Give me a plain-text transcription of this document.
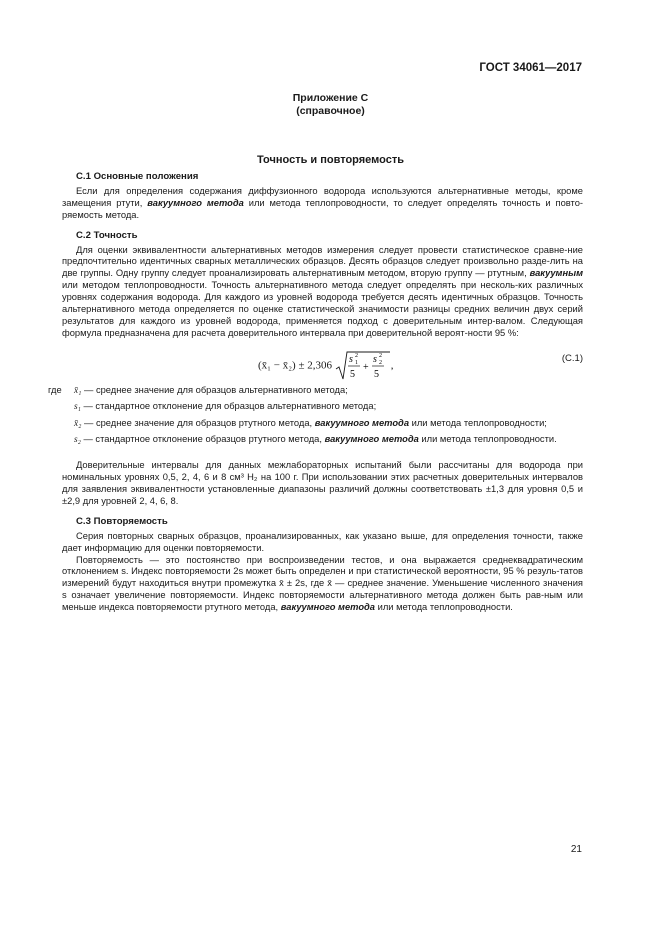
ГОСТ 34061—2017
Приложение С
(справочное)
Точность и повторяемость
С.1 Основные положения

Если для определения содержания диффузионного водорода используются альтернативные методы, кроме замещения ртути, вакуумного метода или метода теплопроводности, то следует определять точность и повто-ряемость метода.

С.2 Точность

Для оценки эквивалентности альтернативных методов измерения следует провести статистическое сравне-ние предпочтительно идентичных сварных металлических образцов. Десять образцов следует произвольно разде-лить на две группы. Одну группу следует проанализировать альтернативным методом, вторую группу — ртутным, вакуумным или методом теплопроводности. Точность альтернативного метода следует определять при несколь-ких различных уровнях содержания водорода. Для каждого из уровней водорода требуется десять идентичных образцов. Точность альтернативного метода определяется по оценке статистической значимости разницы средних величин двух серий результатов для каждого из уровней водорода, применяется подход с доверительным интер-валом. Следующая формула предназначена для расчета доверительного интервала при доверительной вероят-ности 95 %:

(x̄₁ − x̄₂) ± 2,306
s 2
1
5
+
s 2
2
5
,
(С.1)
где x̄₁ — среднее значение для образцов альтернативного метода;
s₁ — стандартное отклонение для образцов альтернативного метода;
x̄₂ — среднее значение для образцов ртутного метода, вакуумного метода или метода теплопроводности;
s₂ — стандартное отклонение образцов ртутного метода, вакуумного метода или метода теплопроводности.

Доверительные интервалы для данных межлабораторных испытаний были рассчитаны для водорода при номинальных уровнях 0,5, 2, 4, 6 и 8 см³ H₂ на 100 г. При использовании этих расчетных доверительных интервалов для заявления эквивалентности установленные диапазоны различий должны соответствовать ±1,3 для уровня 0,5 и ±2,9 для уровней 2, 4, 6, 8.

С.3 Повторяемость

Серия повторных сварных образцов, проанализированных, как указано выше, для определения точности, также дает информацию для оценки повторяемости.

Повторяемость — это постоянство при воспроизведении тестов, и она выражается среднеквадратическим отклонением s. Индекс повторяемости 2s может быть определен и при статистической вероятности, 95 % резуль-татов измерений будут находиться внутри промежутка x̄ ± 2s, где x̄ — среднее значение. Уменьшение численного значения s означает увеличение повторяемости. Индекс повторяемости альтернативного метода должен быть рав-ным или меньше индекса повторяемости ртутного метода, вакуумного метода или метода теплопроводности.

21
